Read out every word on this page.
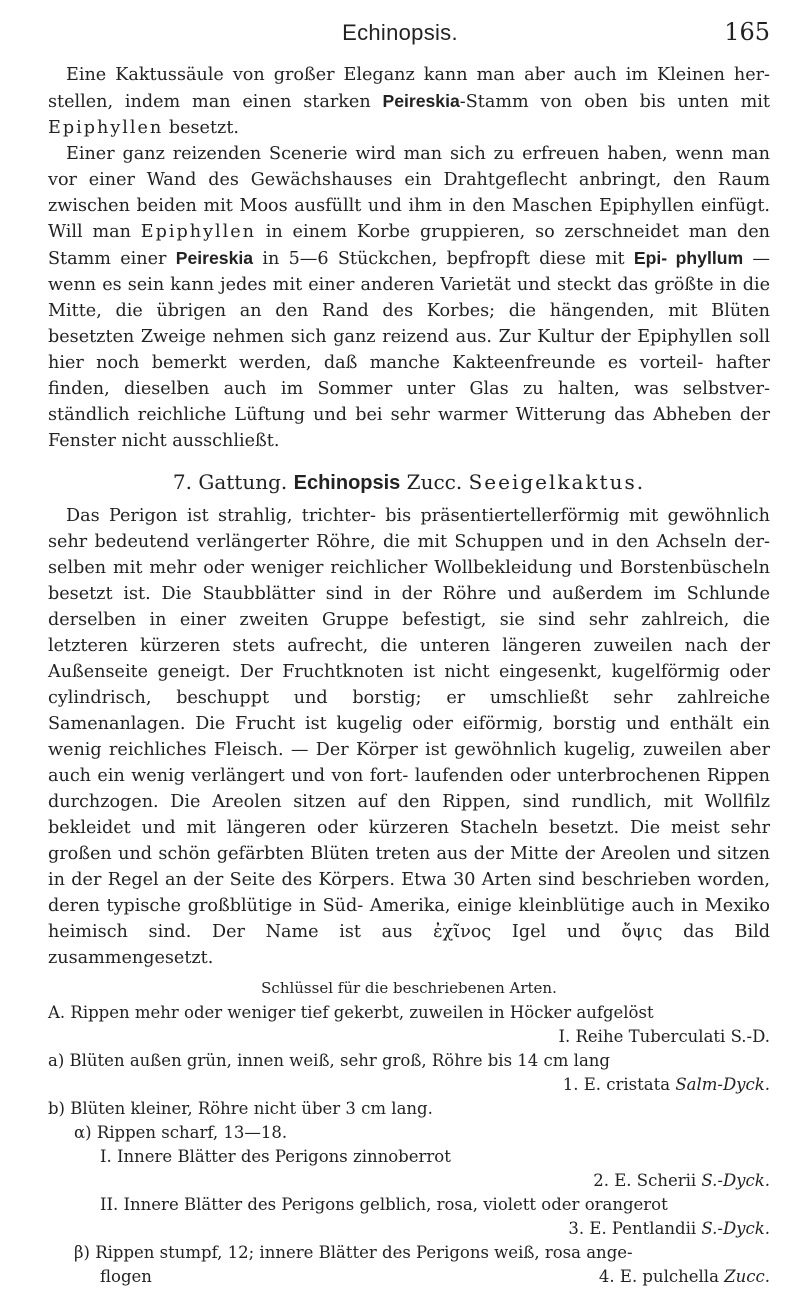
Echinopsis.	165

Eine Kaktussäule von großer Eleganz kann man aber auch im Kleinen her- stellen, indem man einen starken Peireskia-Stamm von oben bis unten mit Epiphyllen besetzt.

Einer ganz reizenden Scenerie wird man sich zu erfreuen haben, wenn man vor einer Wand des Gewächshauses ein Drahtgeflecht anbringt, den Raum zwischen beiden mit Moos ausfüllt und ihm in den Maschen Epiphyllen einfügt. Will man Epiphyllen in einem Korbe gruppieren, so zerschneidet man den Stamm einer Peireskia in 5—6 Stückchen, bepfropft diese mit Epi- phyllum — wenn es sein kann jedes mit einer anderen Varietät und steckt das größte in die Mitte, die übrigen an den Rand des Korbes; die hängenden, mit Blüten besetzten Zweige nehmen sich ganz reizend aus. Zur Kultur der Epiphyllen soll hier noch bemerkt werden, daß manche Kakteenfreunde es vorteil- hafter finden, dieselben auch im Sommer unter Glas zu halten, was selbstver- ständlich reichliche Lüftung und bei sehr warmer Witterung das Abheben der Fenster nicht ausschließt.

7. Gattung. Echinopsis Zucc. Seeigelkaktus.

Das Perigon ist strahlig, trichter- bis präsentiertellerförmig mit gewöhnlich sehr bedeutend verlängerter Röhre, die mit Schuppen und in den Achseln der- selben mit mehr oder weniger reichlicher Wollbekleidung und Borstenbüscheln besetzt ist. Die Staubblätter sind in der Röhre und außerdem im Schlunde derselben in einer zweiten Gruppe befestigt, sie sind sehr zahlreich, die letzteren kürzeren stets aufrecht, die unteren längeren zuweilen nach der Außenseite geneigt. Der Fruchtknoten ist nicht eingesenkt, kugelförmig oder cylindrisch, beschuppt und borstig; er umschließt sehr zahlreiche Samenanlagen. Die Frucht ist kugelig oder eiförmig, borstig und enthält ein wenig reichliches Fleisch. — Der Körper ist gewöhnlich kugelig, zuweilen aber auch ein wenig verlängert und von fort- laufenden oder unterbrochenen Rippen durchzogen. Die Areolen sitzen auf den Rippen, sind rundlich, mit Wollfilz bekleidet und mit längeren oder kürzeren Stacheln besetzt. Die meist sehr großen und schön gefärbten Blüten treten aus der Mitte der Areolen und sitzen in der Regel an der Seite des Körpers. Etwa 30 Arten sind beschrieben worden, deren typische großblütige in Süd- Amerika, einige kleinblütige auch in Mexiko heimisch sind. Der Name ist aus ἐχῖνος Igel und ὄψις das Bild zusammengesetzt.

Schlüssel für die beschriebenen Arten.
A. Rippen mehr oder weniger tief gekerbt, zuweilen in Höcker aufgelöst
I. Reihe Tuberculati S.-D.
a) Blüten außen grün, innen weiß, sehr groß, Röhre bis 14 cm lang
1. E. cristata Salm-Dyck.
b) Blüten kleiner, Röhre nicht über 3 cm lang.
α) Rippen scharf, 13—18.
I. Innere Blätter des Perigons zinnoberrot
2. E. Scherii S.-Dyck.
II. Innere Blätter des Perigons gelblich, rosa, violett oder orangerot
3. E. Pentlandii S.-Dyck.
β) Rippen stumpf, 12; innere Blätter des Perigons weiß, rosa ange-
flogen	4. E. pulchella Zucc.
